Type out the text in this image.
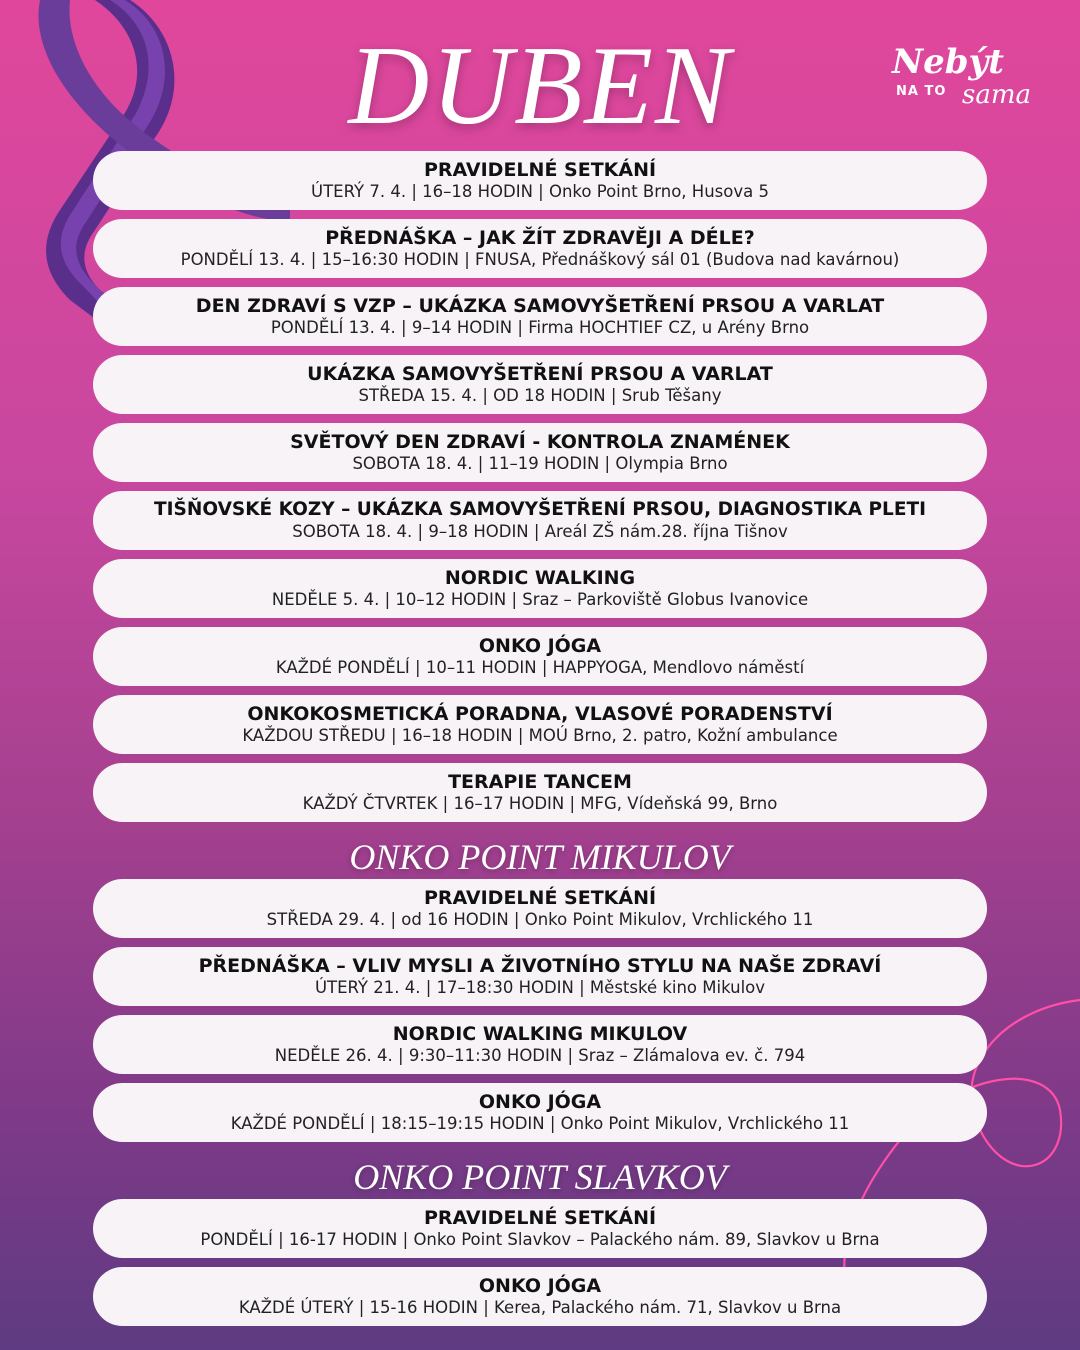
DUBEN	Nebýt
NA TO sama
PRAVIDELNÉ SETKÁNÍ
ÚTERÝ 7. 4. | 16–18 HODIN | Onko Point Brno, Husova 5
PŘEDNÁŠKA – JAK ŽÍT ZDRAVĚJI A DÉLE?
PONDĚLÍ 13. 4. | 15–16:30 HODIN | FNUSA, Přednáškový sál 01 (Budova nad kavárnou)
DEN ZDRAVÍ S VZP – UKÁZKA SAMOVYŠETŘENÍ PRSOU A VARLAT
PONDĚLÍ 13. 4. | 9–14 HODIN | Firma HOCHTIEF CZ, u Arény Brno
UKÁZKA SAMOVYŠETŘENÍ PRSOU A VARLAT
STŘEDA 15. 4. | OD 18 HODIN | Srub Těšany
SVĚTOVÝ DEN ZDRAVÍ - KONTROLA ZNAMÉNEK
SOBOTA 18. 4. | 11–19 HODIN | Olympia Brno
TIŠŇOVSKÉ KOZY – UKÁZKA SAMOVYŠETŘENÍ PRSOU, DIAGNOSTIKA PLETI
SOBOTA 18. 4. | 9–18 HODIN | Areál ZŠ nám.28. října Tišnov
NORDIC WALKING
NEDĚLE 5. 4. | 10–12 HODIN | Sraz – Parkoviště Globus Ivanovice
ONKO JÓGA
KAŽDÉ PONDĚLÍ | 10–11 HODIN | HAPPYOGA, Mendlovo náměstí
ONKOKOSMETICKÁ PORADNA, VLASOVÉ PORADENSTVÍ
KAŽDOU STŘEDU | 16–18 HODIN | MOÚ Brno, 2. patro, Kožní ambulance
TERAPIE TANCEM
KAŽDÝ ČTVRTEK | 16–17 HODIN | MFG, Vídeňská 99, Brno
ONKO POINT MIKULOV
PRAVIDELNÉ SETKÁNÍ
STŘEDA 29. 4. | od 16 HODIN | Onko Point Mikulov, Vrchlického 11
PŘEDNÁŠKA – VLIV MYSLI A ŽIVOTNÍHO STYLU NA NAŠE ZDRAVÍ
ÚTERÝ 21. 4. | 17–18:30 HODIN | Městské kino Mikulov
NORDIC WALKING MIKULOV
NEDĚLE 26. 4. | 9:30–11:30 HODIN | Sraz – Zlámalova ev. č. 794
ONKO JÓGA
KAŽDÉ PONDĚLÍ | 18:15–19:15 HODIN | Onko Point Mikulov, Vrchlického 11
ONKO POINT SLAVKOV
PRAVIDELNÉ SETKÁNÍ
PONDĚLÍ | 16-17 HODIN | Onko Point Slavkov – Palackého nám. 89, Slavkov u Brna
ONKO JÓGA
KAŽDÉ ÚTERÝ | 15-16 HODIN | Kerea, Palackého nám. 71, Slavkov u Brna
